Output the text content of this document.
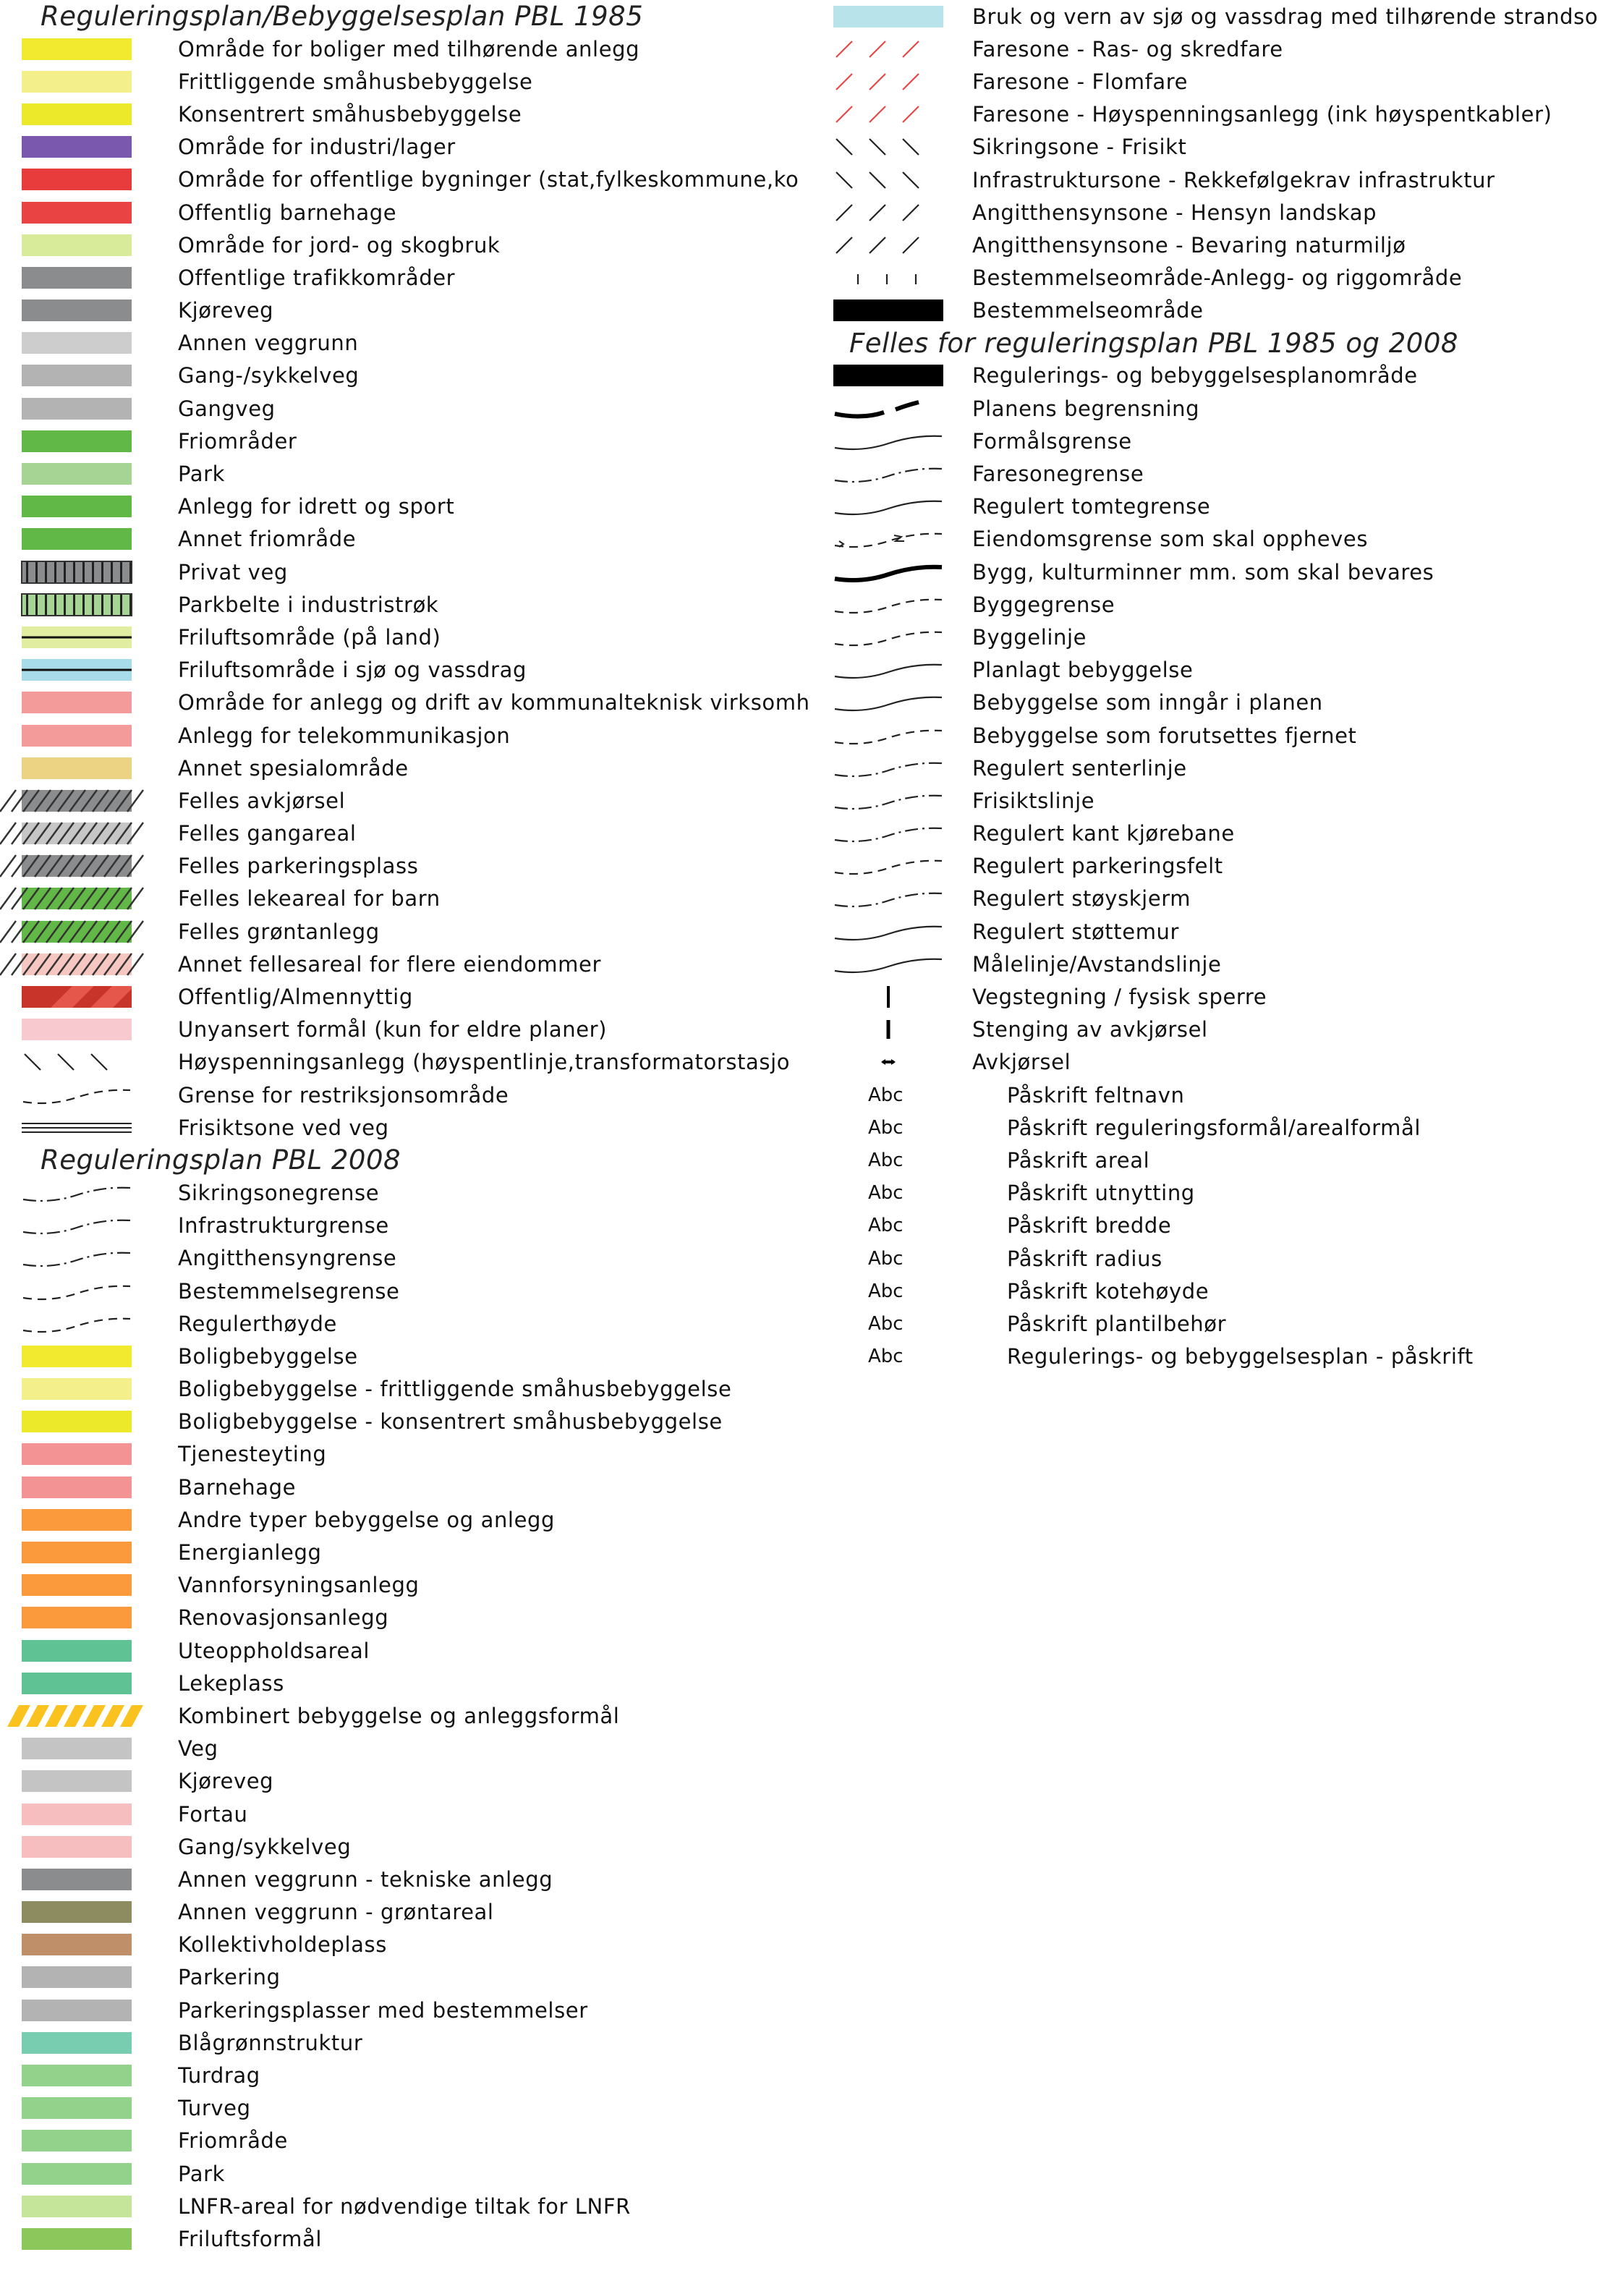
Reguleringsplan/Bebyggelsesplan PBL 1985
Område for boliger med tilhørende anlegg
Frittliggende småhusbebyggelse
Konsentrert småhusbebyggelse
Område for industri/lager
Område for offentlige bygninger (stat,fylkeskommune,ko
Offentlig barnehage
Område for jord- og skogbruk
Offentlige trafikkområder
Kjøreveg
Annen veggrunn
Gang-/sykkelveg
Gangveg
Friområder
Park
Anlegg for idrett og sport
Annet friområde
Privat veg
Parkbelte i industristrøk
Friluftsområde (på land)
Friluftsområde i sjø og vassdrag
Område for anlegg og drift av kommunalteknisk virksomh
Anlegg for telekommunikasjon
Annet spesialområde
Felles avkjørsel
Felles gangareal
Felles parkeringsplass
Felles lekeareal for barn
Felles grøntanlegg
Annet fellesareal for flere eiendommer
Offentlig/Almennyttig
Unyansert formål (kun for eldre planer)
Høyspenningsanlegg (høyspentlinje,transformatorstasjo
Grense for restriksjonsområde
Frisiktsone ved veg
Reguleringsplan PBL 2008
Sikringsonegrense
Infrastrukturgrense
Angitthensyngrense
Bestemmelsegrense
Regulerthøyde
Boligbebyggelse
Boligbebyggelse - frittliggende småhusbebyggelse
Boligbebyggelse - konsentrert småhusbebyggelse
Tjenesteyting
Barnehage
Andre typer bebyggelse og anlegg
Energianlegg
Vannforsyningsanlegg
Renovasjonsanlegg
Uteoppholdsareal
Lekeplass
Kombinert bebyggelse og anleggsformål
Veg
Kjøreveg
Fortau
Gang/sykkelveg
Annen veggrunn - tekniske anlegg
Annen veggrunn - grøntareal
Kollektivholdeplass
Parkering
Parkeringsplasser med bestemmelser
Blågrønnstruktur
Turdrag
Turveg
Friområde
Park
LNFR-areal for nødvendige tiltak for LNFR
Friluftsformål
Bruk og vern av sjø og vassdrag med tilhørende strandso
Faresone - Ras- og skredfare
Faresone - Flomfare
Faresone - Høyspenningsanlegg (ink høyspentkabler)
Sikringsone - Frisikt
Infrastruktursone - Rekkefølgekrav infrastruktur
Angitthensynsone - Hensyn landskap
Angitthensynsone - Bevaring naturmiljø
Bestemmelseområde-Anlegg- og riggområde
Bestemmelseområde
Felles for reguleringsplan PBL 1985 og 2008
Regulerings- og bebyggelsesplanområde
Planens begrensning
Formålsgrense
Faresonegrense
Regulert tomtegrense
Eiendomsgrense som skal oppheves
Bygg, kulturminner mm. som skal bevares
Byggegrense
Byggelinje
Planlagt bebyggelse
Bebyggelse som inngår i planen
Bebyggelse som forutsettes fjernet
Regulert senterlinje
Frisiktslinje
Regulert kant kjørebane
Regulert parkeringsfelt
Regulert støyskjerm
Regulert støttemur
Målelinje/Avstandslinje
Vegstegning / fysisk sperre
Stenging av avkjørsel
Avkjørsel
Abc	Påskrift feltnavn
Abc	Påskrift reguleringsformål/arealformål
Abc	Påskrift areal
Abc	Påskrift utnytting
Abc	Påskrift bredde
Abc	Påskrift radius
Abc	Påskrift kotehøyde
Abc	Påskrift plantilbehør
Abc	Regulerings- og bebyggelsesplan - påskrift
